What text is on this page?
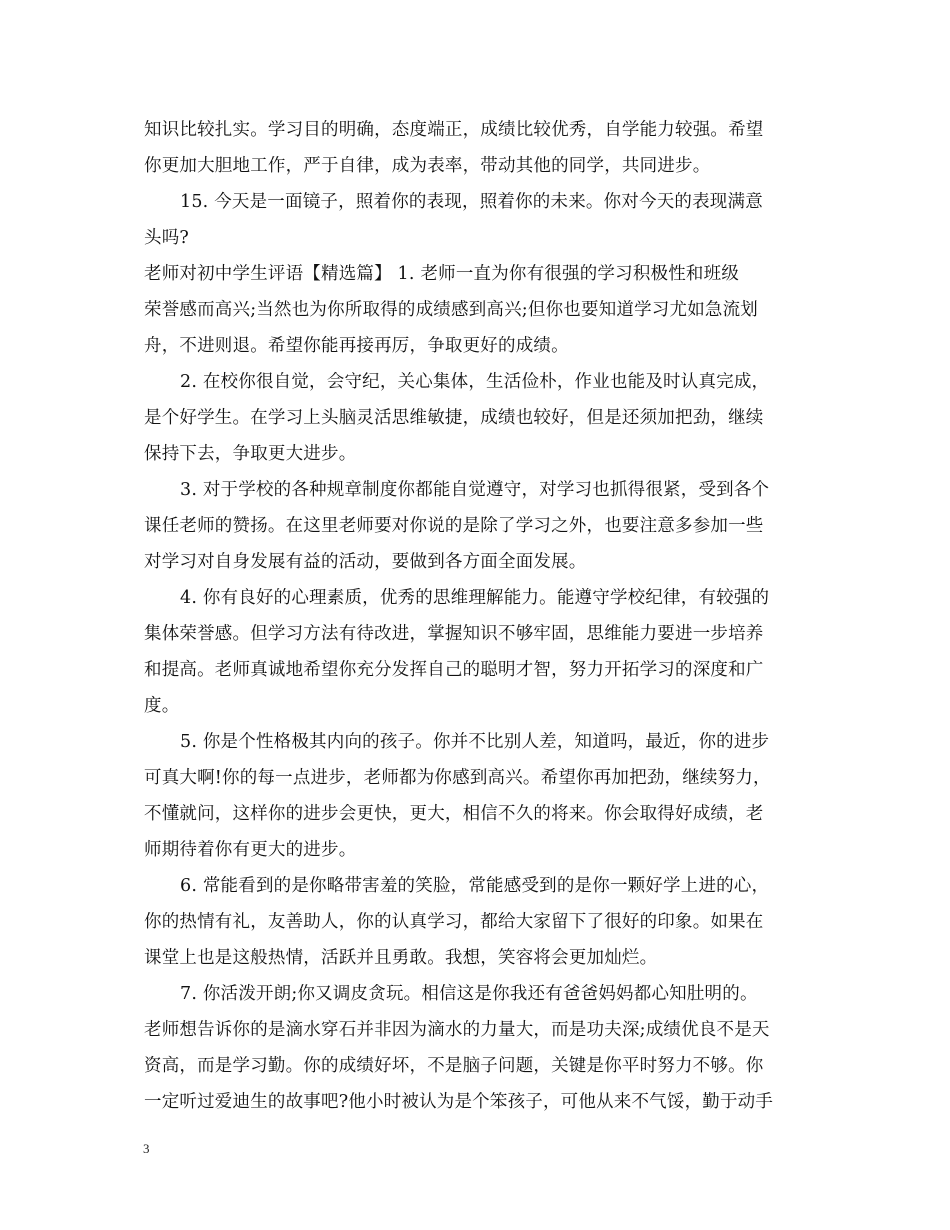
知识比较扎实。学习目的明确，态度端正，成绩比较优秀，自学能力较强。希望
你更加大胆地工作，严于自律，成为表率，带动其他的同学，共同进步。
15. 今天是一面镜子，照着你的表现，照着你的未来。你对今天的表现满意
头吗?
老师对初中学生评语【精选篇】 1. 老师一直为你有很强的学习积极性和班级
荣誉感而高兴;当然也为你所取得的成绩感到高兴;但你也要知道学习尤如急流划
舟，不进则退。希望你能再接再厉，争取更好的成绩。
2. 在校你很自觉，会守纪，关心集体，生活俭朴，作业也能及时认真完成，
是个好学生。在学习上头脑灵活思维敏捷，成绩也较好，但是还须加把劲，继续
保持下去，争取更大进步。
3. 对于学校的各种规章制度你都能自觉遵守，对学习也抓得很紧，受到各个
课任老师的赞扬。在这里老师要对你说的是除了学习之外，也要注意多参加一些
对学习对自身发展有益的活动，要做到各方面全面发展。
4. 你有良好的心理素质，优秀的思维理解能力。能遵守学校纪律，有较强的
集体荣誉感。但学习方法有待改进，掌握知识不够牢固，思维能力要进一步培养
和提高。老师真诚地希望你充分发挥自己的聪明才智，努力开拓学习的深度和广
度。
5. 你是个性格极其内向的孩子。你并不比别人差，知道吗，最近，你的进步
可真大啊!你的每一点进步，老师都为你感到高兴。希望你再加把劲，继续努力，
不懂就问，这样你的进步会更快，更大，相信不久的将来。你会取得好成绩，老
师期待着你有更大的进步。
6. 常能看到的是你略带害羞的笑脸，常能感受到的是你一颗好学上进的心，
你的热情有礼，友善助人，你的认真学习，都给大家留下了很好的印象。如果在
课堂上也是这般热情，活跃并且勇敢。我想，笑容将会更加灿烂。
7. 你活泼开朗;你又调皮贪玩。相信这是你我还有爸爸妈妈都心知肚明的。
老师想告诉你的是滴水穿石并非因为滴水的力量大，而是功夫深;成绩优良不是天
资高，而是学习勤。你的成绩好坏，不是脑子问题，关键是你平时努力不够。你
一定听过爱迪生的故事吧?他小时被认为是个笨孩子，可他从来不气馁，勤于动手
3
